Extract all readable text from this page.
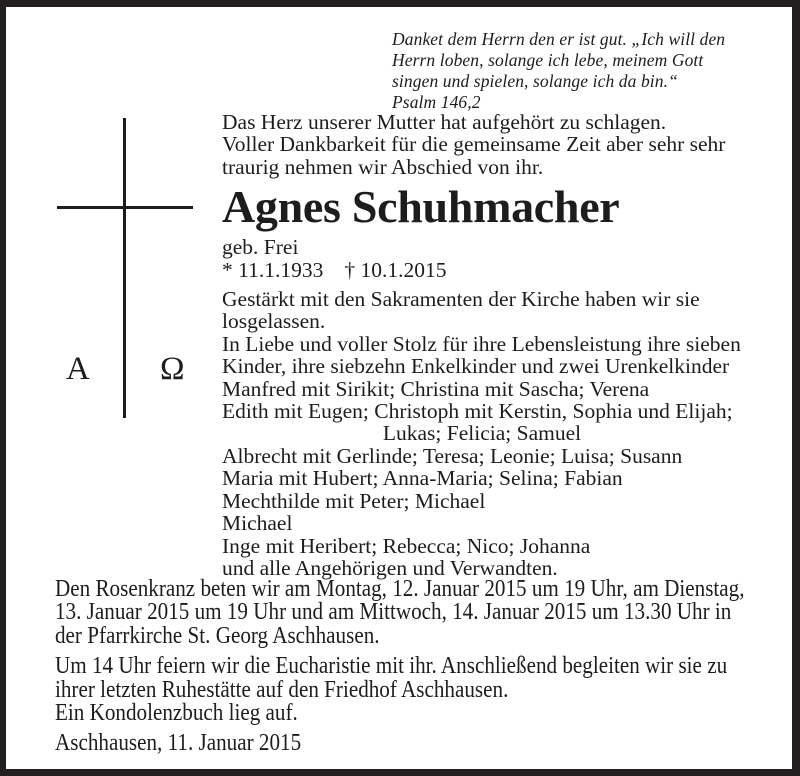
Danket dem Herrn den er ist gut. „Ich will den
Herrn loben, solange ich lebe, meinem Gott
singen und spielen, solange ich da bin.“
Psalm 146,2
A Ω
Das Herz unserer Mutter hat aufgehört zu schlagen.
Voller Dankbarkeit für die gemeinsame Zeit aber sehr sehr
traurig nehmen wir Abschied von ihr.
Agnes Schuhmacher
geb. Frei
* 11.1.1933 † 10.1.2015
Gestärkt mit den Sakramenten der Kirche haben wir sie
losgelassen.
In Liebe und voller Stolz für ihre Lebensleistung ihre sieben
Kinder, ihre siebzehn Enkelkinder und zwei Urenkelkinder
Manfred mit Sirikit; Christina mit Sascha; Verena
Edith mit Eugen; Christoph mit Kerstin, Sophia und Elijah;
Lukas; Felicia; Samuel
Albrecht mit Gerlinde; Teresa; Leonie; Luisa; Susann
Maria mit Hubert; Anna-Maria; Selina; Fabian
Mechthilde mit Peter; Michael
Michael
Inge mit Heribert; Rebecca; Nico; Johanna
und alle Angehörigen und Verwandten.
Den Rosenkranz beten wir am Montag, 12. Januar 2015 um 19 Uhr, am Dienstag,
13. Januar 2015 um 19 Uhr und am Mittwoch, 14. Januar 2015 um 13.30 Uhr in
der Pfarrkirche St. Georg Aschhausen.
Um 14 Uhr feiern wir die Eucharistie mit ihr. Anschließend begleiten wir sie zu
ihrer letzten Ruhestätte auf den Friedhof Aschhausen.
Ein Kondolenzbuch lieg auf.
Aschhausen, 11. Januar 2015
